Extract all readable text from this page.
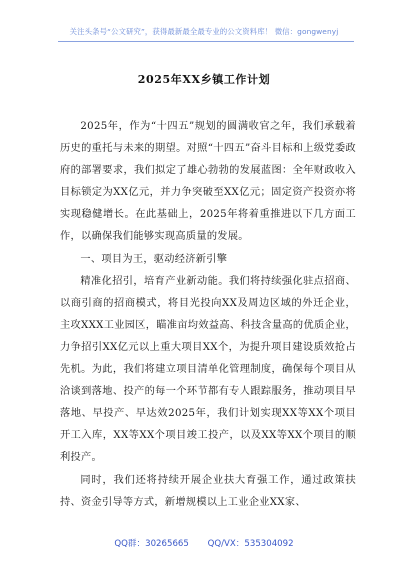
关注头条号“公文研究”，获得最新最全最专业的公文资料库！ 微信：gongwenyj
2025年XX乡镇工作计划

2025年，作为“十四五”规划的圆满收官之年，我们承载着历史的重托与未来的期望。对照“十四五”奋斗目标和上级党委政府的部署要求，我们拟定了雄心勃勃的发展蓝图：全年财政收入目标锁定为XX亿元，并力争突破至XX亿元；固定资产投资亦将实现稳健增长。在此基础上，2025年将着重推进以下几方面工作，以确保我们能够实现高质量的发展。

一、项目为王，驱动经济新引擎

精准化招引，培育产业新动能。我们将持续强化驻点招商、以商引商的招商模式，将目光投向XX及周边区域的外迁企业，主攻XXX工业园区，瞄准亩均效益高、科技含量高的优质企业，力争招引XX亿元以上重大项目XX个，为提升项目建设质效抢占先机。为此，我们将建立项目清单化管理制度，确保每个项目从洽谈到落地、投产的每一个环节都有专人跟踪服务，推动项目早落地、早投产、早达效2025年，我们计划实现XX等XX个项目开工入库，XX等XX个项目竣工投产，以及XX等XX个项目的顺利投产。

同时，我们还将持续开展企业扶大育强工作，通过政策扶持、资金引导等方式，新增规模以上工业企业XX家、

QQ群：30265665 QQ/VX：535304092
